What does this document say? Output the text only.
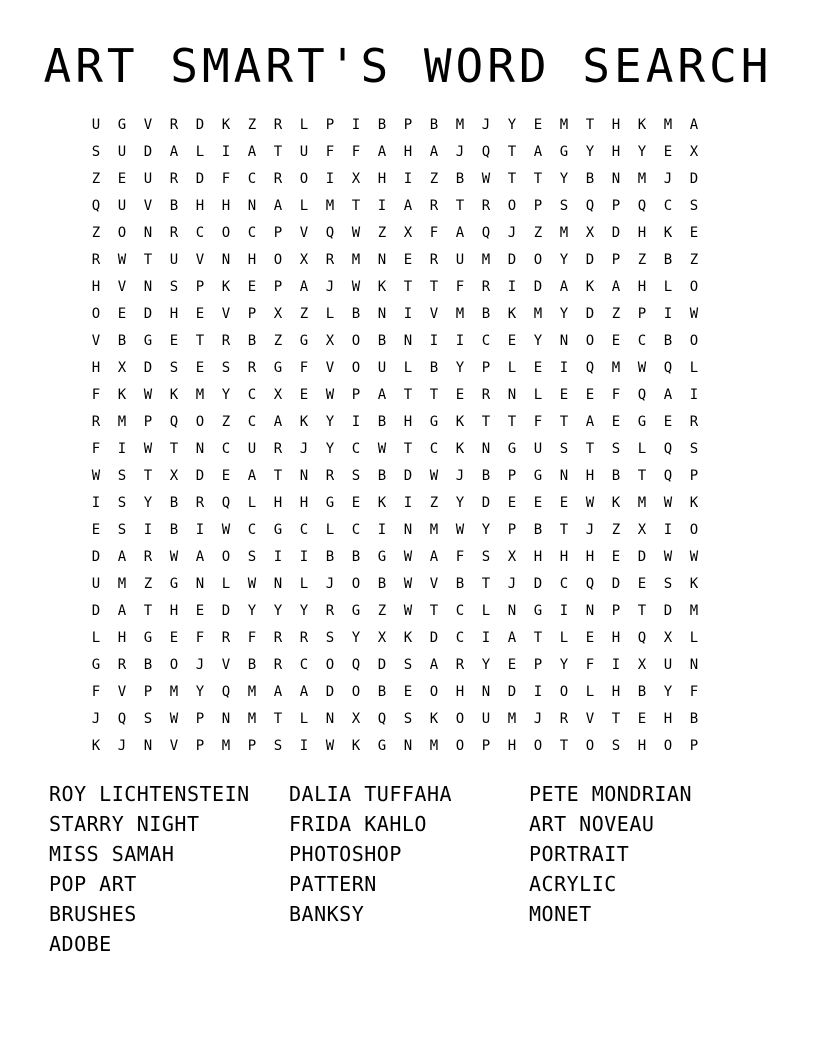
ART SMART'S WORD SEARCH
U	G	V	R	D	K	Z	R	L	P	I	B	P	B	M	J	Y	E	M	T	H	K	M	A
S	U	D	A	L	I	A	T	U	F	F	A	H	A	J	Q	T	A	G	Y	H	Y	E	X
Z	E	U	R	D	F	C	R	O	I	X	H	I	Z	B	W	T	T	Y	B	N	M	J	D
Q	U	V	B	H	H	N	A	L	M	T	I	A	R	T	R	O	P	S	Q	P	Q	C	S
Z	O	N	R	C	O	C	P	V	Q	W	Z	X	F	A	Q	J	Z	M	X	D	H	K	E
R	W	T	U	V	N	H	O	X	R	M	N	E	R	U	M	D	O	Y	D	P	Z	B	Z
H	V	N	S	P	K	E	P	A	J	W	K	T	T	F	R	I	D	A	K	A	H	L	O
O	E	D	H	E	V	P	X	Z	L	B	N	I	V	M	B	K	M	Y	D	Z	P	I	W
V	B	G	E	T	R	B	Z	G	X	O	B	N	I	I	C	E	Y	N	O	E	C	B	O
H	X	D	S	E	S	R	G	F	V	O	U	L	B	Y	P	L	E	I	Q	M	W	Q	L
F	K	W	K	M	Y	C	X	E	W	P	A	T	T	E	R	N	L	E	E	F	Q	A	I
R	M	P	Q	O	Z	C	A	K	Y	I	B	H	G	K	T	T	F	T	A	E	G	E	R
F	I	W	T	N	C	U	R	J	Y	C	W	T	C	K	N	G	U	S	T	S	L	Q	S
W	S	T	X	D	E	A	T	N	R	S	B	D	W	J	B	P	G	N	H	B	T	Q	P
I	S	Y	B	R	Q	L	H	H	G	E	K	I	Z	Y	D	E	E	E	W	K	M	W	K
E	S	I	B	I	W	C	G	C	L	C	I	N	M	W	Y	P	B	T	J	Z	X	I	O
D	A	R	W	A	O	S	I	I	B	B	G	W	A	F	S	X	H	H	H	E	D	W	W
U	M	Z	G	N	L	W	N	L	J	O	B	W	V	B	T	J	D	C	Q	D	E	S	K
D	A	T	H	E	D	Y	Y	Y	R	G	Z	W	T	C	L	N	G	I	N	P	T	D	M
L	H	G	E	F	R	F	R	R	S	Y	X	K	D	C	I	A	T	L	E	H	Q	X	L
G	R	B	O	J	V	B	R	C	O	Q	D	S	A	R	Y	E	P	Y	F	I	X	U	N
F	V	P	M	Y	Q	M	A	A	D	O	B	E	O	H	N	D	I	O	L	H	B	Y	F
J	Q	S	W	P	N	M	T	L	N	X	Q	S	K	O	U	M	J	R	V	T	E	H	B
K	J	N	V	P	M	P	S	I	W	K	G	N	M	O	P	H	O	T	O	S	H	O	P
ROY LICHTENSTEIN	DALIA TUFFAHA	PETE MONDRIAN
STARRY NIGHT	FRIDA KAHLO	ART NOVEAU
MISS SAMAH	PHOTOSHOP	PORTRAIT
POP ART	PATTERN	ACRYLIC
BRUSHES	BANKSY	MONET
ADOBE
